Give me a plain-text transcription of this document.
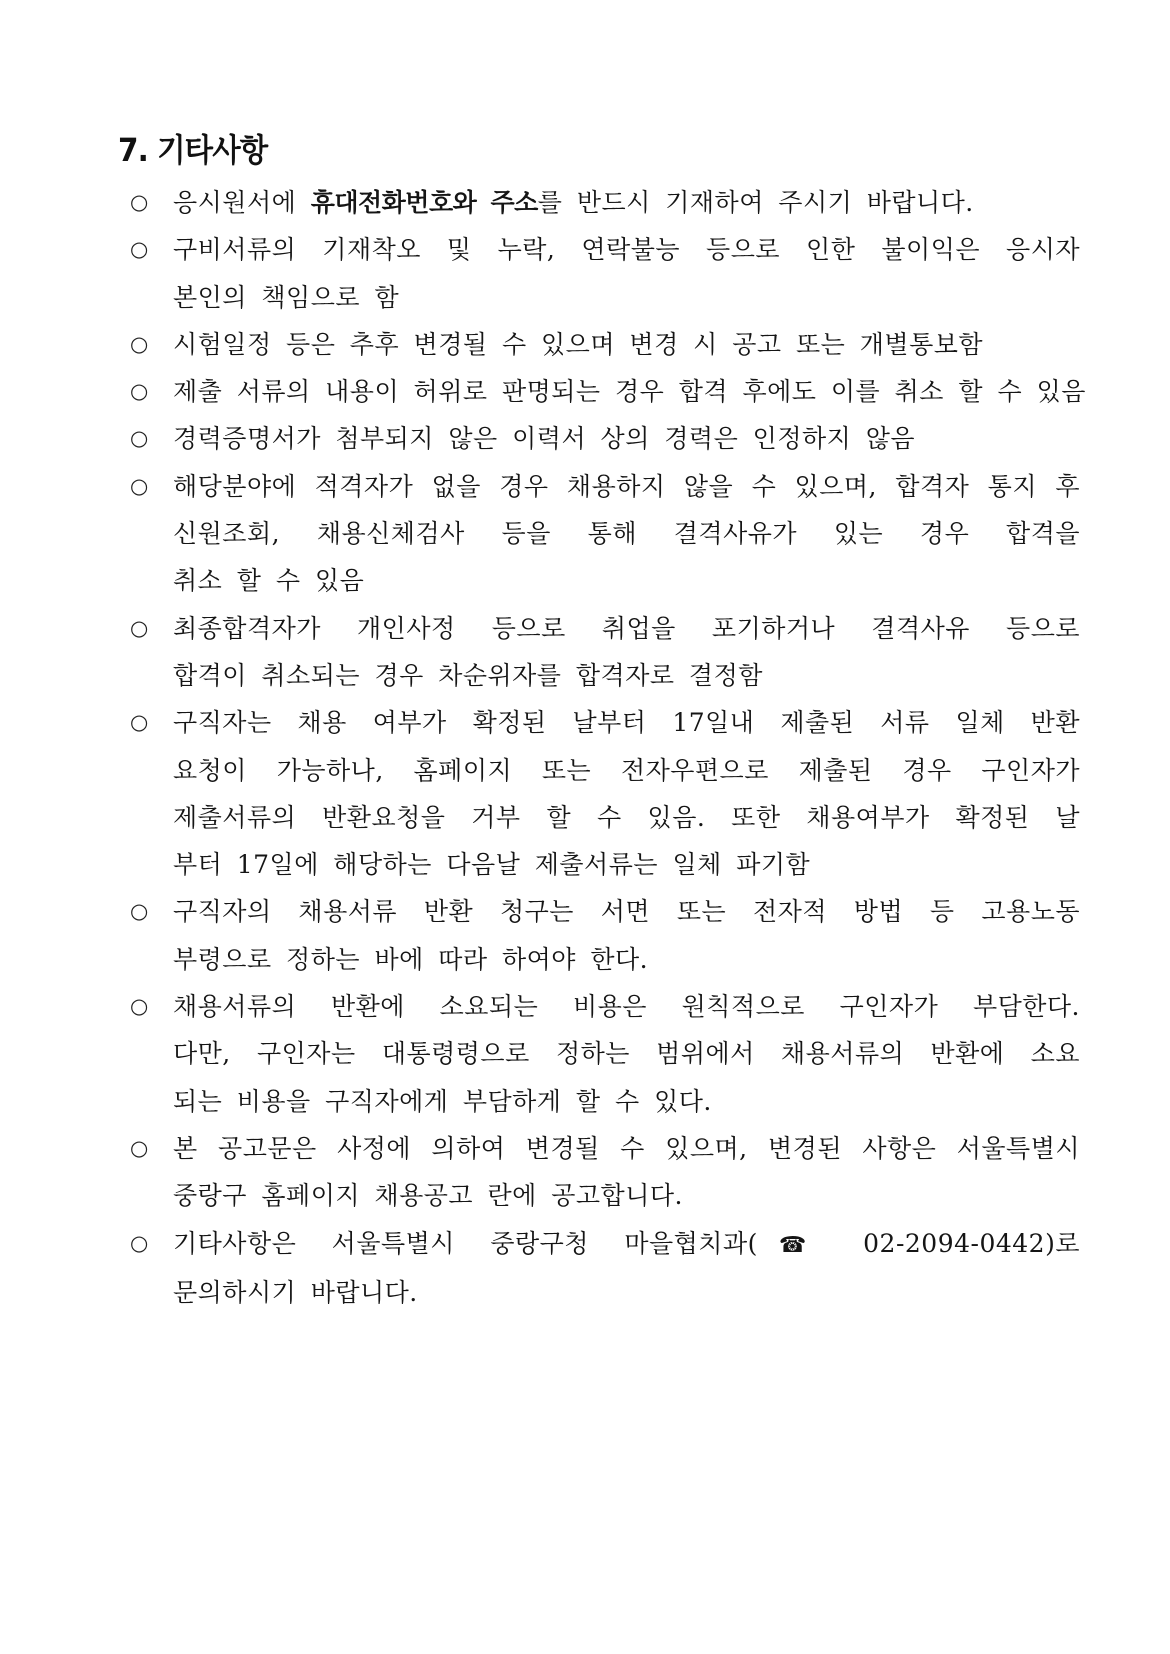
7. 기타사항
○ 응시원서에 휴대전화번호와 주소를 반드시 기재하여 주시기 바랍니다.
○ 구비서류의 기재착오 및 누락, 연락불능 등으로 인한 불이익은 응시자
본인의 책임으로 함
○ 시험일정 등은 추후 변경될 수 있으며 변경 시 공고 또는 개별통보함
○ 제출 서류의 내용이 허위로 판명되는 경우 합격 후에도 이를 취소 할 수 있음
○ 경력증명서가 첨부되지 않은 이력서 상의 경력은 인정하지 않음
○ 해당분야에 적격자가 없을 경우 채용하지 않을 수 있으며, 합격자 통지 후
신원조회, 채용신체검사 등을 통해 결격사유가 있는 경우 합격을
취소 할 수 있음
○ 최종합격자가 개인사정 등으로 취업을 포기하거나 결격사유 등으로
합격이 취소되는 경우 차순위자를 합격자로 결정함
○ 구직자는 채용 여부가 확정된 날부터 17일내 제출된 서류 일체 반환
요청이 가능하나, 홈페이지 또는 전자우편으로 제출된 경우 구인자가
제출서류의 반환요청을 거부 할 수 있음. 또한 채용여부가 확정된 날
부터 17일에 해당하는 다음날 제출서류는 일체 파기함
○ 구직자의 채용서류 반환 청구는 서면 또는 전자적 방법 등 고용노동
부령으로 정하는 바에 따라 하여야 한다.
○ 채용서류의 반환에 소요되는 비용은 원칙적으로 구인자가 부담한다.
다만, 구인자는 대통령령으로 정하는 범위에서 채용서류의 반환에 소요
되는 비용을 구직자에게 부담하게 할 수 있다.
○ 본 공고문은 사정에 의하여 변경될 수 있으며, 변경된 사항은 서울특별시
중랑구 홈페이지 채용공고 란에 공고합니다.
○ 기타사항은 서울특별시 중랑구청 마을협치과(☎ 02-2094-0442)로
문의하시기 바랍니다.
